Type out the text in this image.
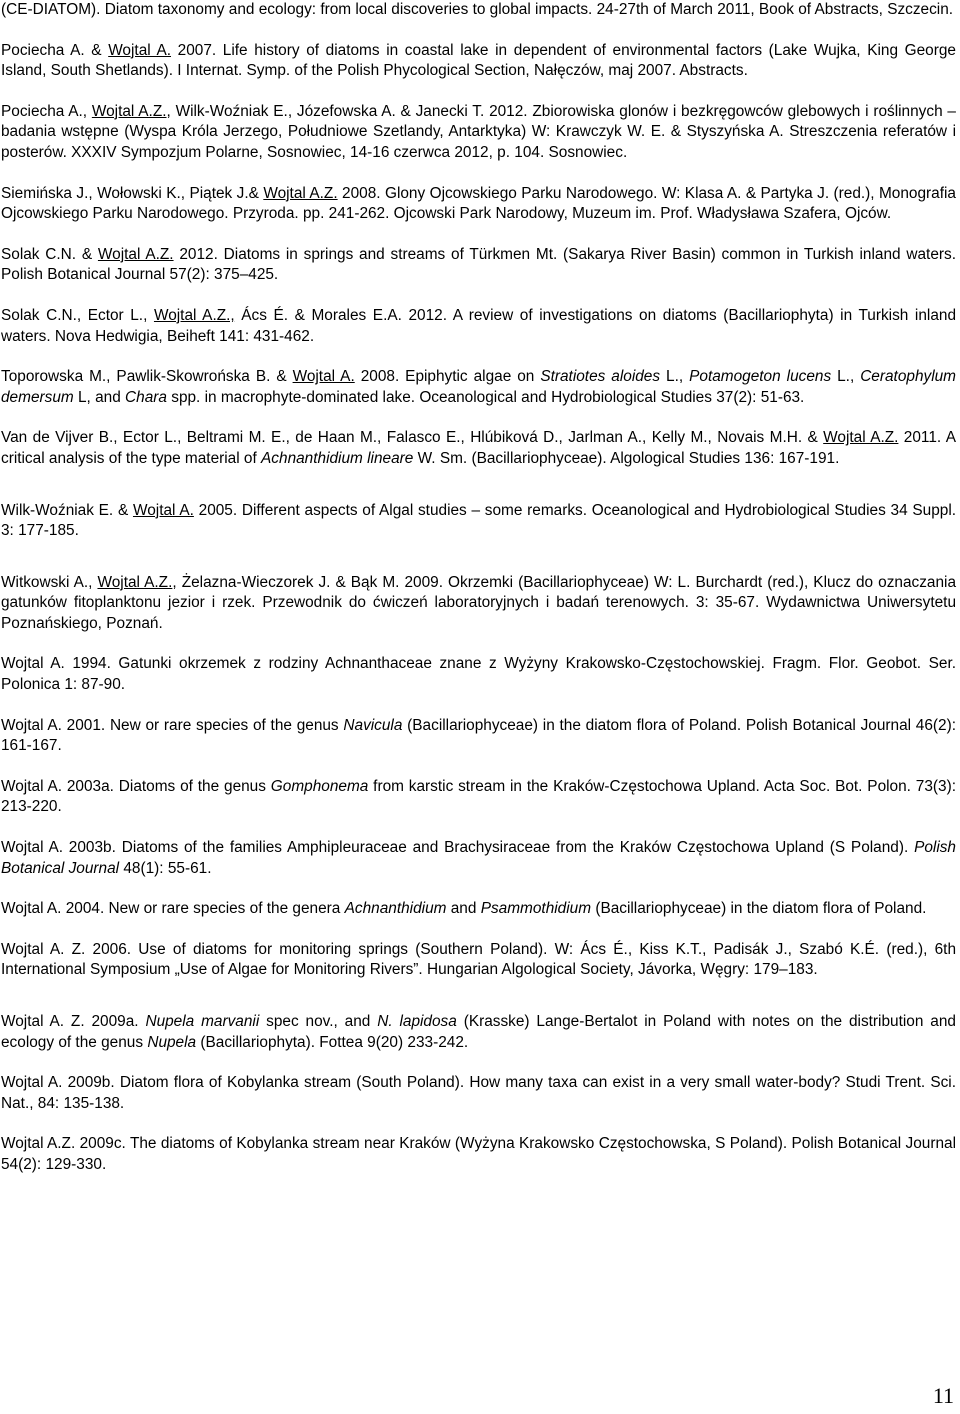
(CE-DIATOM). Diatom taxonomy and ecology: from local discoveries to global impacts. 24-27th of March 2011, Book of Abstracts, Szczecin.

Pociecha A. & Wojtal A. 2007. Life history of diatoms in coastal lake in dependent of environmental factors (Lake Wujka, King George Island, South Shetlands). I Internat. Symp. of the Polish Phycological Section, Nałęczów, maj 2007. Abstracts.

Pociecha A., Wojtal A.Z., Wilk-Woźniak E., Józefowska A. & Janecki T. 2012. Zbiorowiska glonów i bezkręgowców glebowych i roślinnych – badania wstępne (Wyspa Króla Jerzego, Południowe Szetlandy, Antarktyka) W: Krawczyk W. E. & Styszyńska A. Streszczenia referatów i posterów. XXXIV Sympozjum Polarne, Sosnowiec, 14-16 czerwca 2012, p. 104. Sosnowiec.

Siemińska J., Wołowski K., Piątek J.& Wojtal A.Z. 2008. Glony Ojcowskiego Parku Narodowego. W: Klasa A. & Partyka J. (red.), Monografia Ojcowskiego Parku Narodowego. Przyroda. pp. 241-262. Ojcowski Park Narodowy, Muzeum im. Prof. Władysława Szafera, Ojców.

Solak C.N. & Wojtal A.Z. 2012. Diatoms in springs and streams of Türkmen Mt. (Sakarya River Basin) common in Turkish inland waters. Polish Botanical Journal 57(2): 375–425.

Solak C.N., Ector L., Wojtal A.Z., Ács É. & Morales E.A. 2012. A review of investigations on diatoms (Bacillariophyta) in Turkish inland waters. Nova Hedwigia, Beiheft 141: 431-462.

Toporowska M., Pawlik-Skowrońska B. & Wojtal A. 2008. Epiphytic algae on Stratiotes aloides L., Potamogeton lucens L., Ceratophylum demersum L, and Chara spp. in macrophyte-dominated lake. Oceanological and Hydrobiological Studies 37(2): 51-63.

Van de Vijver B., Ector L., Beltrami M. E., de Haan M., Falasco E., Hlúbiková D., Jarlman A., Kelly M., Novais M.H. & Wojtal A.Z. 2011. A critical analysis of the type material of Achnanthidium lineare W. Sm. (Bacillariophyceae). Algological Studies 136: 167-191.

Wilk-Woźniak E. & Wojtal A. 2005. Different aspects of Algal studies – some remarks. Oceanological and Hydrobiological Studies 34 Suppl. 3: 177-185.

Witkowski A., Wojtal A.Z., Żelazna-Wieczorek J. & Bąk M. 2009. Okrzemki (Bacillariophyceae) W: L. Burchardt (red.), Klucz do oznaczania gatunków fitoplanktonu jezior i rzek. Przewodnik do ćwiczeń laboratoryjnych i badań terenowych. 3: 35-67. Wydawnictwa Uniwersytetu Poznańskiego, Poznań.

Wojtal A. 1994. Gatunki okrzemek z rodziny Achnanthaceae znane z Wyżyny Krakowsko-Częstochowskiej. Fragm. Flor. Geobot. Ser. Polonica 1: 87-90.

Wojtal A. 2001. New or rare species of the genus Navicula (Bacillariophyceae) in the diatom flora of Poland. Polish Botanical Journal 46(2): 161-167.

Wojtal A. 2003a. Diatoms of the genus Gomphonema from karstic stream in the Kraków-Częstochowa Upland. Acta Soc. Bot. Polon. 73(3): 213-220.

Wojtal A. 2003b. Diatoms of the families Amphipleuraceae and Brachysiraceae from the Kraków Częstochowa Upland (S Poland). Polish Botanical Journal 48(1): 55-61.

Wojtal A. 2004. New or rare species of the genera Achnanthidium and Psammothidium (Bacillariophyceae) in the diatom flora of Poland.

Wojtal A. Z. 2006. Use of diatoms for monitoring springs (Southern Poland). W: Ács É., Kiss K.T., Padisák J., Szabó K.É. (red.), 6th International Symposium „Use of Algae for Monitoring Rivers”. Hungarian Algological Society, Jávorka, Węgry: 179–183.

Wojtal A. Z. 2009a. Nupela marvanii spec nov., and N. lapidosa (Krasske) Lange-Bertalot in Poland with notes on the distribution and ecology of the genus Nupela (Bacillariophyta). Fottea 9(20) 233-242.

Wojtal A. 2009b. Diatom flora of Kobylanka stream (South Poland). How many taxa can exist in a very small water-body? Studi Trent. Sci. Nat., 84: 135-138.

Wojtal A.Z. 2009c. The diatoms of Kobylanka stream near Kraków (Wyżyna Krakowsko Częstochowska, S Poland). Polish Botanical Journal 54(2): 129-330.

11
